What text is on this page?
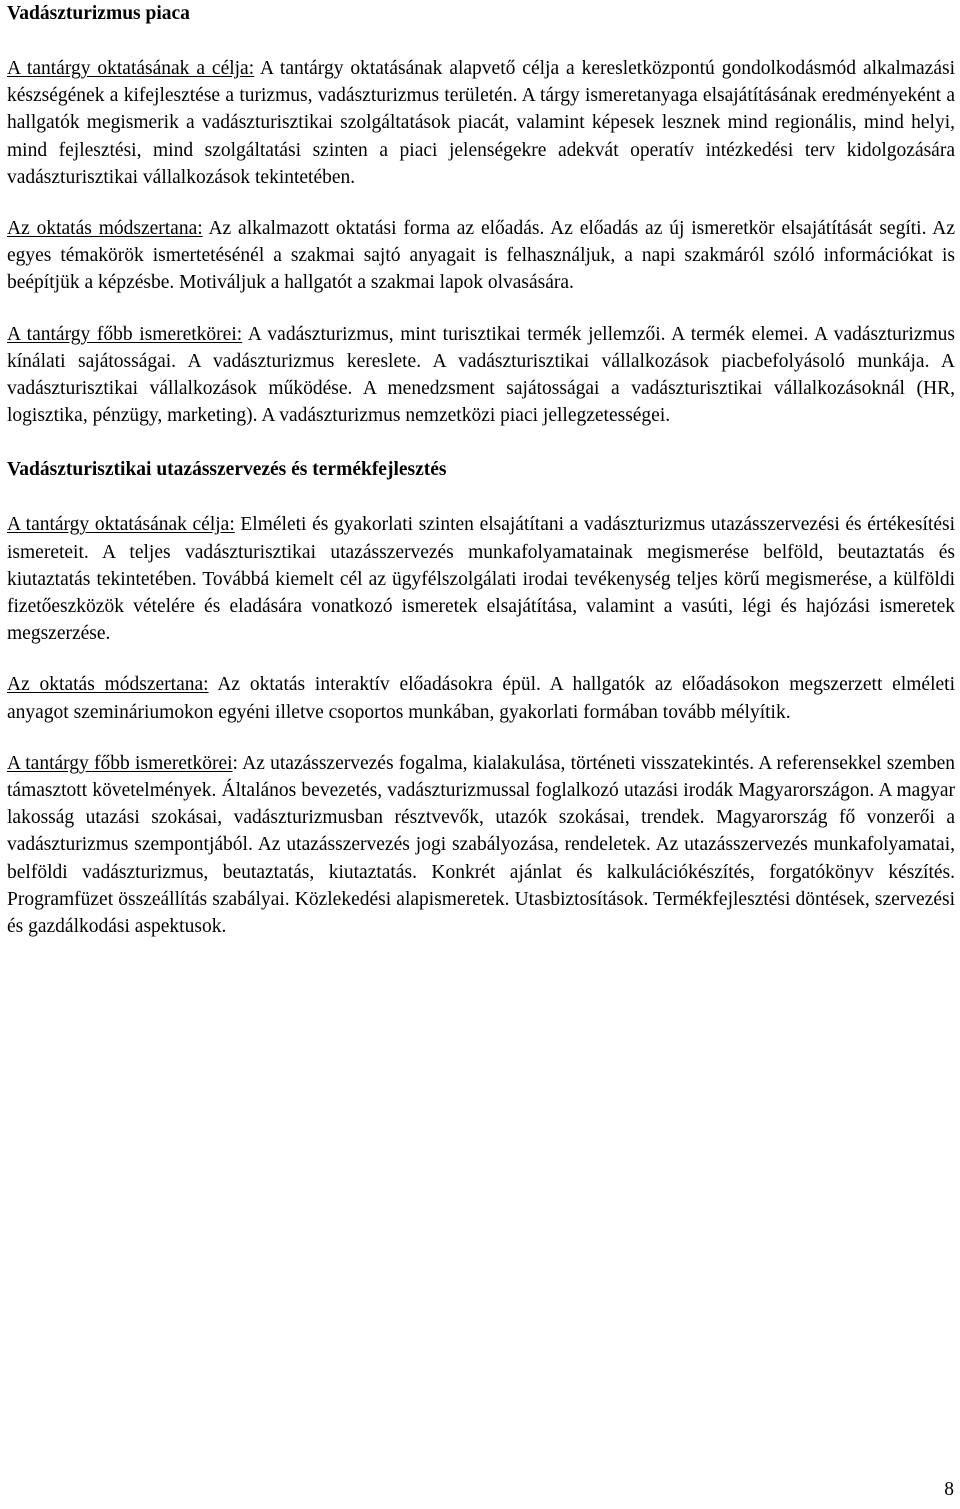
Vadászturizmus piaca

A tantárgy oktatásának a célja: A tantárgy oktatásának alapvető célja a keresletközpontú gondolkodásmód alkalmazási készségének a kifejlesztése a turizmus, vadászturizmus területén. A tárgy ismeretanyaga elsajátításának eredményeként a hallgatók megismerik a vadászturisztikai szolgáltatások piacát, valamint képesek lesznek mind regionális, mind helyi, mind fejlesztési, mind szolgáltatási szinten a piaci jelenségekre adekvát operatív intézkedési terv kidolgozására vadászturisztikai vállalkozások tekintetében.

Az oktatás módszertana: Az alkalmazott oktatási forma az előadás. Az előadás az új ismeretkör elsajátítását segíti. Az egyes témakörök ismertetésénél a szakmai sajtó anyagait is felhasználjuk, a napi szakmáról szóló információkat is beépítjük a képzésbe. Motiváljuk a hallgatót a szakmai lapok olvasására.

A tantárgy főbb ismeretkörei: A vadászturizmus, mint turisztikai termék jellemzői. A termék elemei. A vadászturizmus kínálati sajátosságai. A vadászturizmus kereslete. A vadászturisztikai vállalkozások piacbefolyásoló munkája. A vadászturisztikai vállalkozások működése. A menedzsment sajátosságai a vadászturisztikai vállalkozásoknál (HR, logisztika, pénzügy, marketing). A vadászturizmus nemzetközi piaci jellegzetességei.

Vadászturisztikai utazásszervezés és termékfejlesztés

A tantárgy oktatásának célja: Elméleti és gyakorlati szinten elsajátítani a vadászturizmus utazásszervezési és értékesítési ismereteit. A teljes vadászturisztikai utazásszervezés munkafolyamatainak megismerése belföld, beutaztatás és kiutaztatás tekintetében. Továbbá kiemelt cél az ügyfélszolgálati irodai tevékenység teljes körű megismerése, a külföldi fizetőeszközök vételére és eladására vonatkozó ismeretek elsajátítása, valamint a vasúti, légi és hajózási ismeretek megszerzése.

Az oktatás módszertana: Az oktatás interaktív előadásokra épül. A hallgatók az előadásokon megszerzett elméleti anyagot szemináriumokon egyéni illetve csoportos munkában, gyakorlati formában tovább mélyítik.

A tantárgy főbb ismeretkörei: Az utazásszervezés fogalma, kialakulása, történeti visszatekintés. A referensekkel szemben támasztott követelmények. Általános bevezetés, vadászturizmussal foglalkozó utazási irodák Magyarországon. A magyar lakosság utazási szokásai, vadászturizmusban résztvevők, utazók szokásai, trendek. Magyarország fő vonzerői a vadászturizmus szempontjából. Az utazásszervezés jogi szabályozása, rendeletek. Az utazásszervezés munkafolyamatai, belföldi vadászturizmus, beutaztatás, kiutaztatás. Konkrét ajánlat és kalkulációkészítés, forgatókönyv készítés. Programfüzet összeállítás szabályai. Közlekedési alapismeretek. Utasbiztosítások. Termékfejlesztési döntések, szervezési és gazdálkodási aspektusok.

8
